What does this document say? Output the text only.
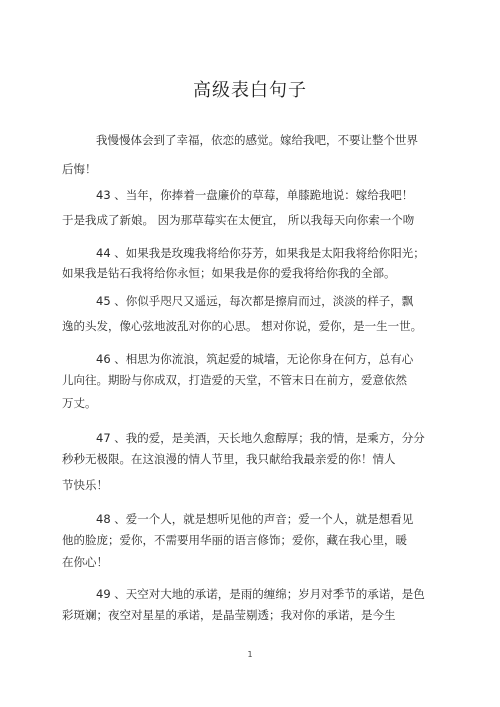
高级表白句子
我慢慢体会到了幸福，依恋的感觉。嫁给我吧，不要让整个世界
后悔！
43 、当年，你捧着一盘廉价的草莓，单膝跪地说：嫁给我吧！
于是我成了新娘。 因为那草莓实在太便宜， 所以我每天向你索一个吻
44 、如果我是玫瑰我将给你芬芳，如果我是太阳我将给你阳光；
如果我是钻石我将给你永恒；如果我是你的爱我将给你我的全部。
45 、你似乎咫尺又遥远，每次都是擦肩而过，淡淡的样子，飘
逸的头发，像心弦地波乱对你的心思。 想对你说，爱你，是一生一世。
46 、相思为你流浪，筑起爱的城墙，无论你身在何方，总有心
儿向往。期盼与你成双，打造爱的天堂，不管末日在前方，爱意依然
万丈。
47 、我的爱，是美酒，天长地久愈醇厚；我的情，是乘方，分分
秒秒无极限。在这浪漫的情人节里，我只献给我最亲爱的你！情人
节快乐！
48 、爱一个人，就是想听见他的声音；爱一个人，就是想看见
他的脸庞；爱你，不需要用华丽的语言修饰；爱你，藏在我心里，暖
在你心！
49 、天空对大地的承诺，是雨的缠绵；岁月对季节的承诺，是色
彩斑斓；夜空对星星的承诺，是晶莹剔透；我对你的承诺，是今生
1
